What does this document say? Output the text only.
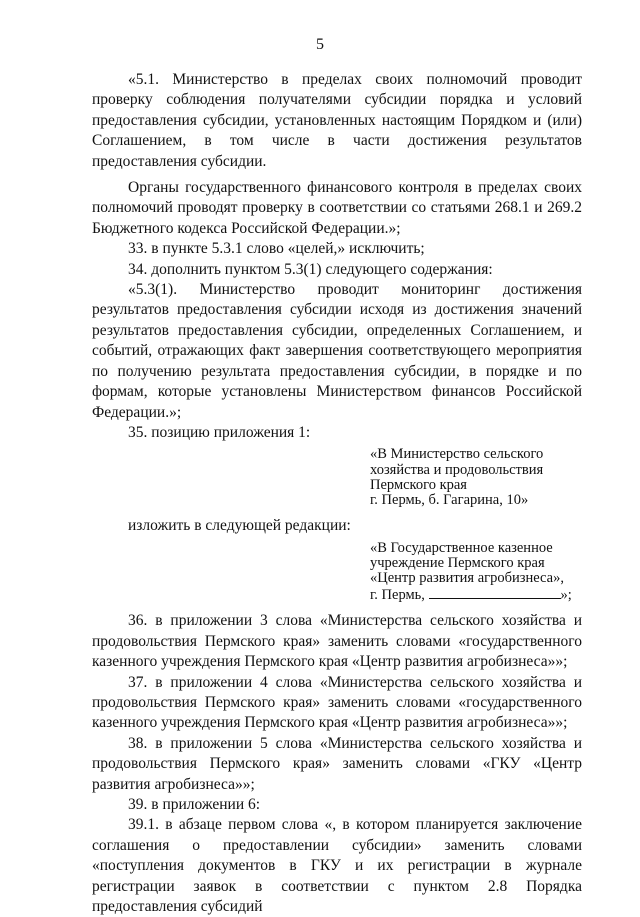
5

«5.1. Министерство в пределах своих полномочий проводит проверку соблюдения получателями субсидии порядка и условий предоставления субсидии, установленных настоящим Порядком и (или) Соглашением, в том числе в части достижения результатов предоставления субсидии.

Органы государственного финансового контроля в пределах своих полномочий проводят проверку в соответствии со статьями 268.1 и 269.2 Бюджетного кодекса Российской Федерации.»;

33. в пункте 5.3.1 слово «целей,» исключить;

34. дополнить пунктом 5.3(1) следующего содержания:

«5.3(1). Министерство проводит мониторинг достижения результатов предоставления субсидии исходя из достижения значений результатов предоставления субсидии, определенных Соглашением, и событий, отражающих факт завершения соответствующего мероприятия по получению результата предоставления субсидии, в порядке и по формам, которые установлены Министерством финансов Российской Федерации.»;

35. позицию приложения 1:

«В Министерство сельского
хозяйства и продовольствия
Пермского края
г. Пермь, б. Гагарина, 10»

изложить в следующей редакции:

«В Государственное казенное
учреждение Пермского края
«Центр развития агробизнеса»,
г. Пермь,	»;

36. в приложении 3 слова «Министерства сельского хозяйства и продовольствия Пермского края» заменить словами «государственного казенного учреждения Пермского края «Центр развития агробизнеса»»;

37. в приложении 4 слова «Министерства сельского хозяйства и продовольствия Пермского края» заменить словами «государственного казенного учреждения Пермского края «Центр развития агробизнеса»»;

38. в приложении 5 слова «Министерства сельского хозяйства и продовольствия Пермского края» заменить словами «ГКУ «Центр развития агробизнеса»»;

39. в приложении 6:

39.1. в абзаце первом слова «, в котором планируется заключение соглашения о предоставлении субсидии» заменить словами «поступления документов в ГКУ и их регистрации в журнале регистрации заявок в соответствии с пунктом 2.8 Порядка предоставления субсидий
